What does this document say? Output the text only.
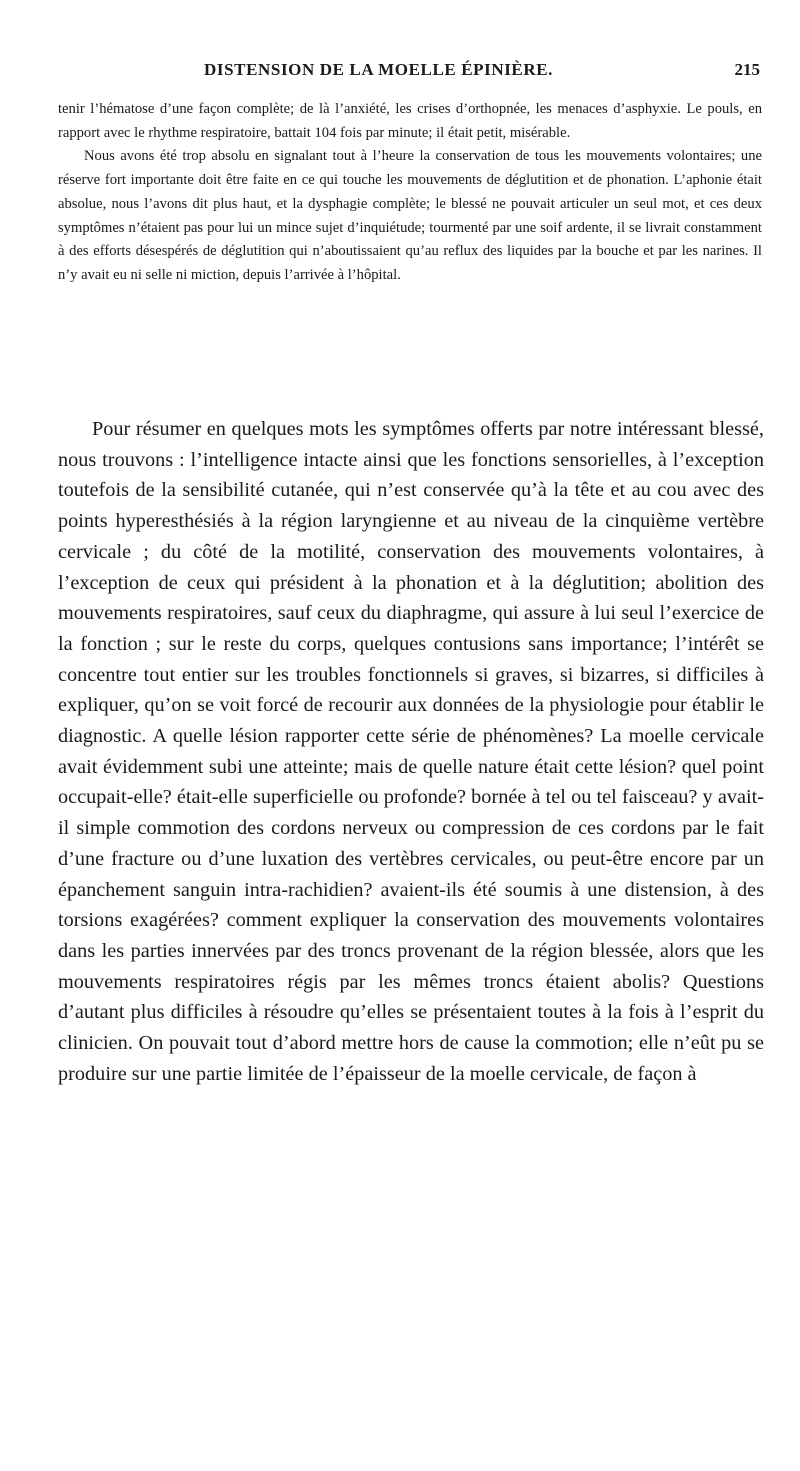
DISTENSION DE LA MOELLE ÉPINIÈRE.	215

tenir l’hématose d’une façon complète; de là l’anxiété, les crises d’orthopnée, les menaces d’asphyxie. Le pouls, en rapport avec le rhythme respiratoire, battait 104 fois par minute; il était petit, misérable.

Nous avons été trop absolu en signalant tout à l’heure la conservation de tous les mouvements volontaires; une réserve fort importante doit être faite en ce qui touche les mouvements de déglutition et de phonation. L’aphonie était absolue, nous l’avons dit plus haut, et la dysphagie complète; le blessé ne pouvait articuler un seul mot, et ces deux symptômes n’étaient pas pour lui un mince sujet d’inquiétude; tourmenté par une soif ardente, il se livrait constamment à des efforts désespérés de déglutition qui n’aboutissaient qu’au reflux des liquides par la bouche et par les narines. Il n’y avait eu ni selle ni miction, depuis l’arrivée à l’hôpital.

Pour résumer en quelques mots les symptômes offerts par notre intéressant blessé, nous trouvons : l’intelligence intacte ainsi que les fonctions sensorielles, à l’exception toutefois de la sensibilité cutanée, qui n’est conservée qu’à la tête et au cou avec des points hyperesthésiés à la région laryngienne et au niveau de la cinquième vertèbre cervicale ; du côté de la motilité, conservation des mouvements volontaires, à l’exception de ceux qui président à la phonation et à la déglutition; abolition des mouvements respiratoires, sauf ceux du diaphragme, qui assure à lui seul l’exercice de la fonction ; sur le reste du corps, quelques contusions sans importance; l’intérêt se concentre tout entier sur les troubles fonctionnels si graves, si bizarres, si difficiles à expliquer, qu’on se voit forcé de recourir aux données de la physiologie pour établir le diagnostic. A quelle lésion rapporter cette série de phénomènes? La moelle cervicale avait évidemment subi une atteinte; mais de quelle nature était cette lésion? quel point occupait-elle? était-elle superficielle ou profonde? bornée à tel ou tel faisceau? y avait-il simple commotion des cordons nerveux ou compression de ces cordons par le fait d’une fracture ou d’une luxation des vertèbres cervicales, ou peut-être encore par un épanchement sanguin intra-rachidien? avaient-ils été soumis à une distension, à des torsions exagérées? comment expliquer la conservation des mouvements volontaires dans les parties innervées par des troncs provenant de la région blessée, alors que les mouvements respiratoires régis par les mêmes troncs étaient abolis? Questions d’autant plus difficiles à résoudre qu’elles se présentaient toutes à la fois à l’esprit du clinicien. On pouvait tout d’abord mettre hors de cause la commotion; elle n’eût pu se produire sur une partie limitée de l’épaisseur de la moelle cervicale, de façon à
